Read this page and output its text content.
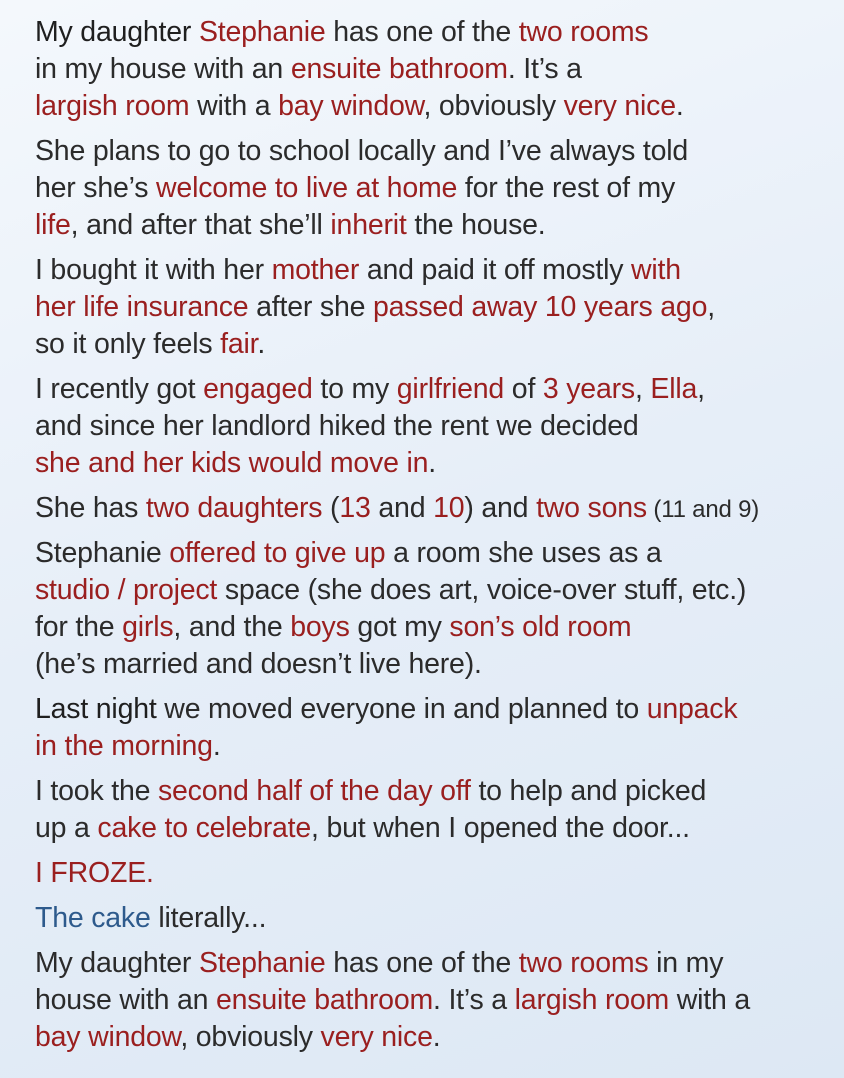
My daughter Stephanie has one of the two rooms
in my house with an ensuite bathroom. It’s a
largish room with a bay window, obviously very nice.

She plans to go to school locally and I’ve always told
her she’s welcome to live at home for the rest of my
life, and after that she’ll inherit the house.

I bought it with her mother and paid it off mostly with
her life insurance after she passed away 10 years ago,
so it only feels fair.

I recently got engaged to my girlfriend of 3 years, Ella,
and since her landlord hiked the rent we decided
she and her kids would move in.

She has two daughters (13 and 10) and two sons (11 and 9)

Stephanie offered to give up a room she uses as a
studio / project space (she does art, voice-over stuff, etc.)
for the girls, and the boys got my son’s old room
(he’s married and doesn’t live here).

Last night we moved everyone in and planned to unpack
in the morning.

I took the second half of the day off to help and picked
up a cake to celebrate, but when I opened the door...

I FROZE.

The cake literally...

My daughter Stephanie has one of the two rooms in my
house with an ensuite bathroom. It’s a largish room with a
bay window, obviously very nice.
